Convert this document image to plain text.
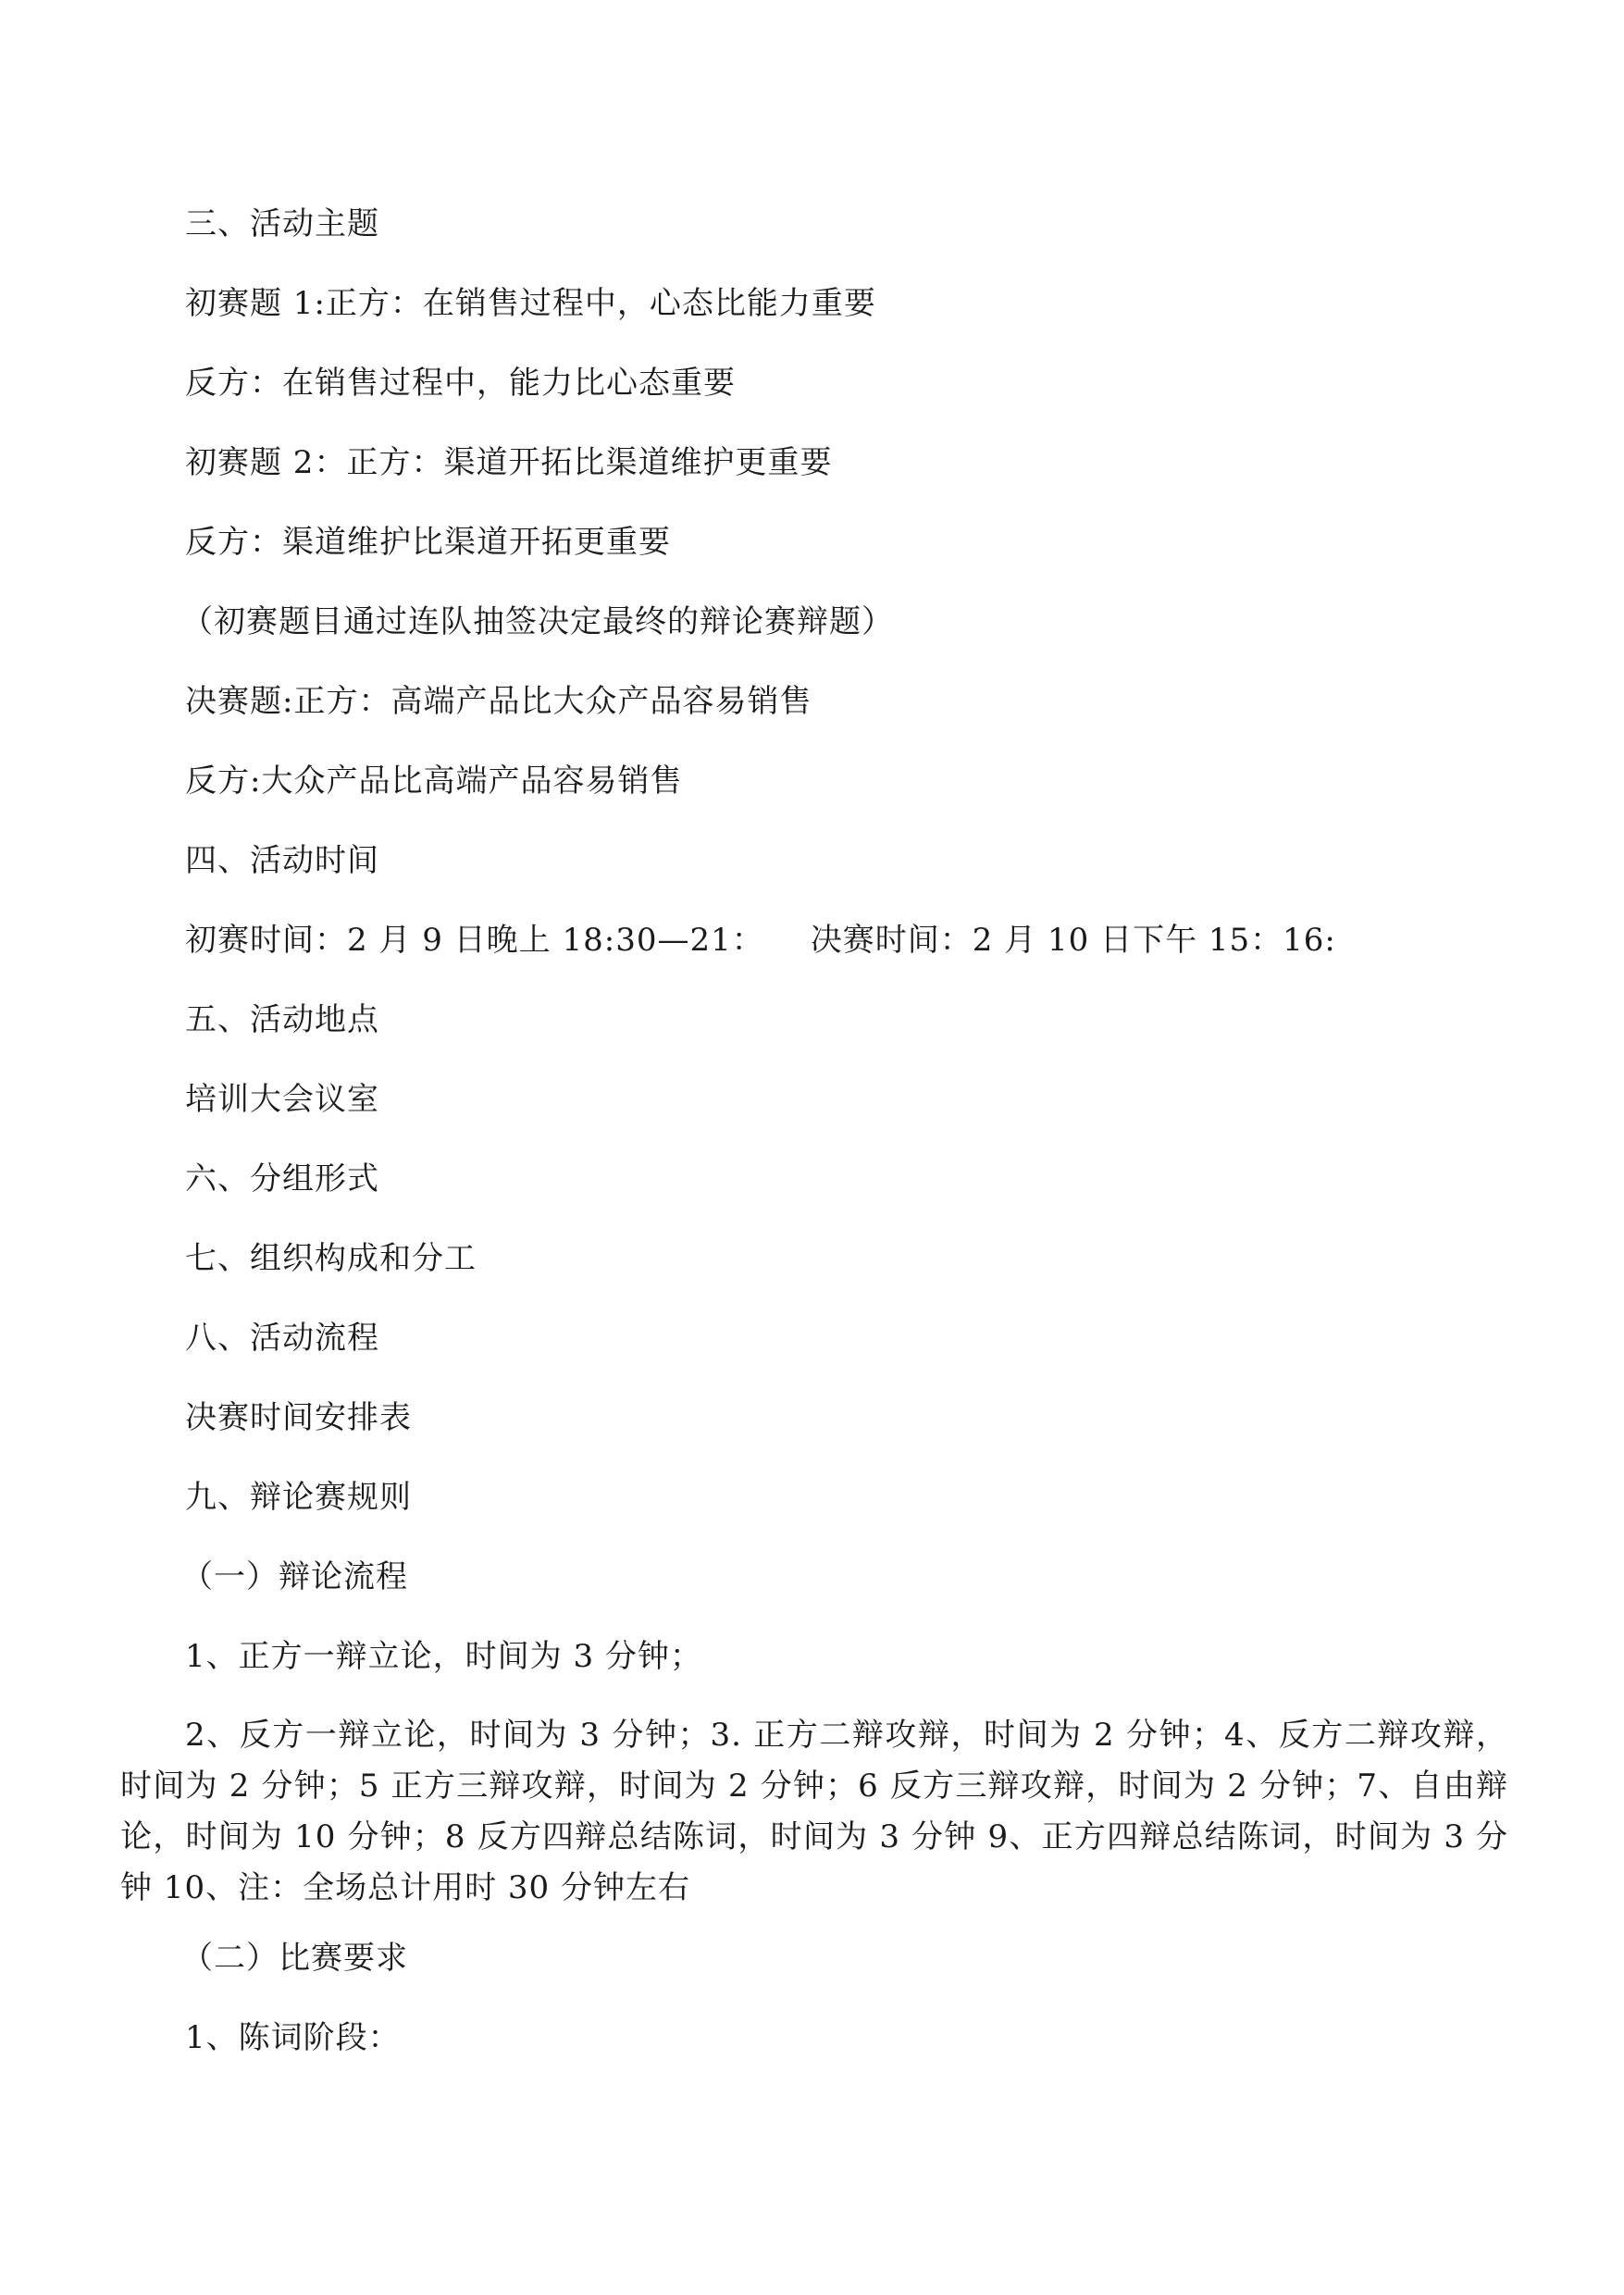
三、活动主题
初赛题 1:正方：在销售过程中，心态比能力重要
反方：在销售过程中，能力比心态重要
初赛题 2：正方：渠道开拓比渠道维护更重要
反方：渠道维护比渠道开拓更重要
（初赛题目通过连队抽签决定最终的辩论赛辩题）
决赛题:正方：高端产品比大众产品容易销售
反方:大众产品比高端产品容易销售
四、活动时间
初赛时间：2 月 9 日晚上 18:30—21： 决赛时间：2 月 10 日下午 15：16:
五、活动地点
培训大会议室
六、分组形式
七、组织构成和分工
八、活动流程
决赛时间安排表
九、辩论赛规则
（一）辩论流程
1、正方一辩立论，时间为 3 分钟；
2、反方一辩立论，时间为 3 分钟；3. 正方二辩攻辩，时间为 2 分钟；4、反方二辩攻辩，时间为 2 分钟；5 正方三辩攻辩，时间为 2 分钟；6 反方三辩攻辩，时间为 2 分钟；7、自由辩论，时间为 10 分钟；8 反方四辩总结陈词，时间为 3 分钟 9、正方四辩总结陈词，时间为 3 分钟 10、注：全场总计用时 30 分钟左右
（二）比赛要求
1、陈词阶段：
